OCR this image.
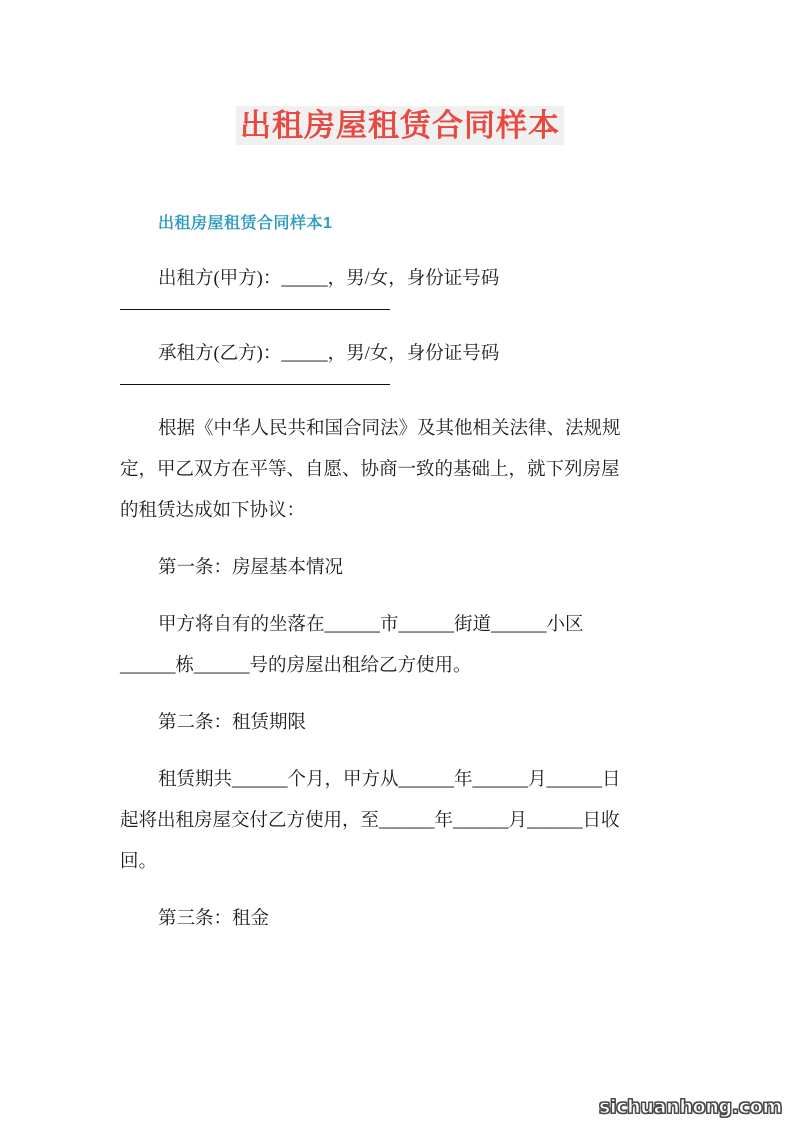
出租房屋租赁合同样本
出租房屋租赁合同样本1

出租方(甲方)：_____，男/女，身份证号码

承租方(乙方)：_____，男/女，身份证号码

根据《中华人民共和国合同法》及其他相关法律、法规规

定，甲乙双方在平等、自愿、协商一致的基础上，就下列房屋

的租赁达成如下协议：

第一条：房屋基本情况

甲方将自有的坐落在______市______街道______小区

______栋______号的房屋出租给乙方使用。

第二条：租赁期限

租赁期共______个月，甲方从______年______月______日

起将出租房屋交付乙方使用，至______年______月______日收

回。

第三条：租金

sichuanhong.com
